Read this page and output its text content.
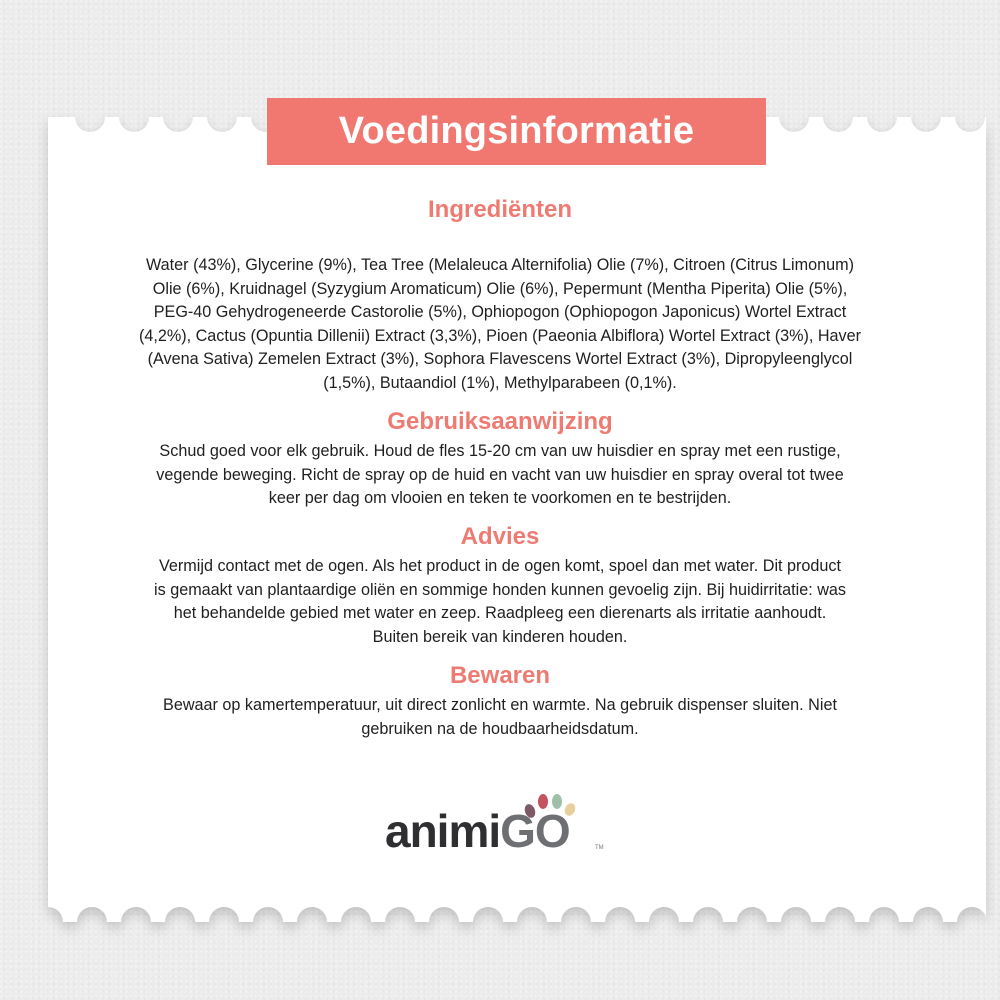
Voedingsinformatie
Ingrediënten

Water (43%), Glycerine (9%), Tea Tree (Melaleuca Alternifolia) Olie (7%), Citroen (Citrus Limonum)
Olie (6%), Kruidnagel (Syzygium Aromaticum) Olie (6%), Pepermunt (Mentha Piperita) Olie (5%),
PEG-40 Gehydrogeneerde Castorolie (5%), Ophiopogon (Ophiopogon Japonicus) Wortel Extract
(4,2%), Cactus (Opuntia Dillenii) Extract (3,3%), Pioen (Paeonia Albiflora) Wortel Extract (3%), Haver
(Avena Sativa) Zemelen Extract (3%), Sophora Flavescens Wortel Extract (3%), Dipropyleenglycol
(1,5%), Butaandiol (1%), Methylparabeen (0,1%).

Gebruiksaanwijzing

Schud goed voor elk gebruik. Houd de fles 15-20 cm van uw huisdier en spray met een rustige,
vegende beweging. Richt de spray op de huid en vacht van uw huisdier en spray overal tot twee
keer per dag om vlooien en teken te voorkomen en te bestrijden.

Advies

Vermijd contact met de ogen. Als het product in de ogen komt, spoel dan met water. Dit product
is gemaakt van plantaardige oliën en sommige honden kunnen gevoelig zijn. Bij huidirritatie: was
het behandelde gebied met water en zeep. Raadpleeg een dierenarts als irritatie aanhoudt.
Buiten bereik van kinderen houden.

Bewaren

Bewaar op kamertemperatuur, uit direct zonlicht en warmte. Na gebruik dispenser sluiten. Niet
gebruiken na de houdbaarheidsdatum.

animiGO	TM
